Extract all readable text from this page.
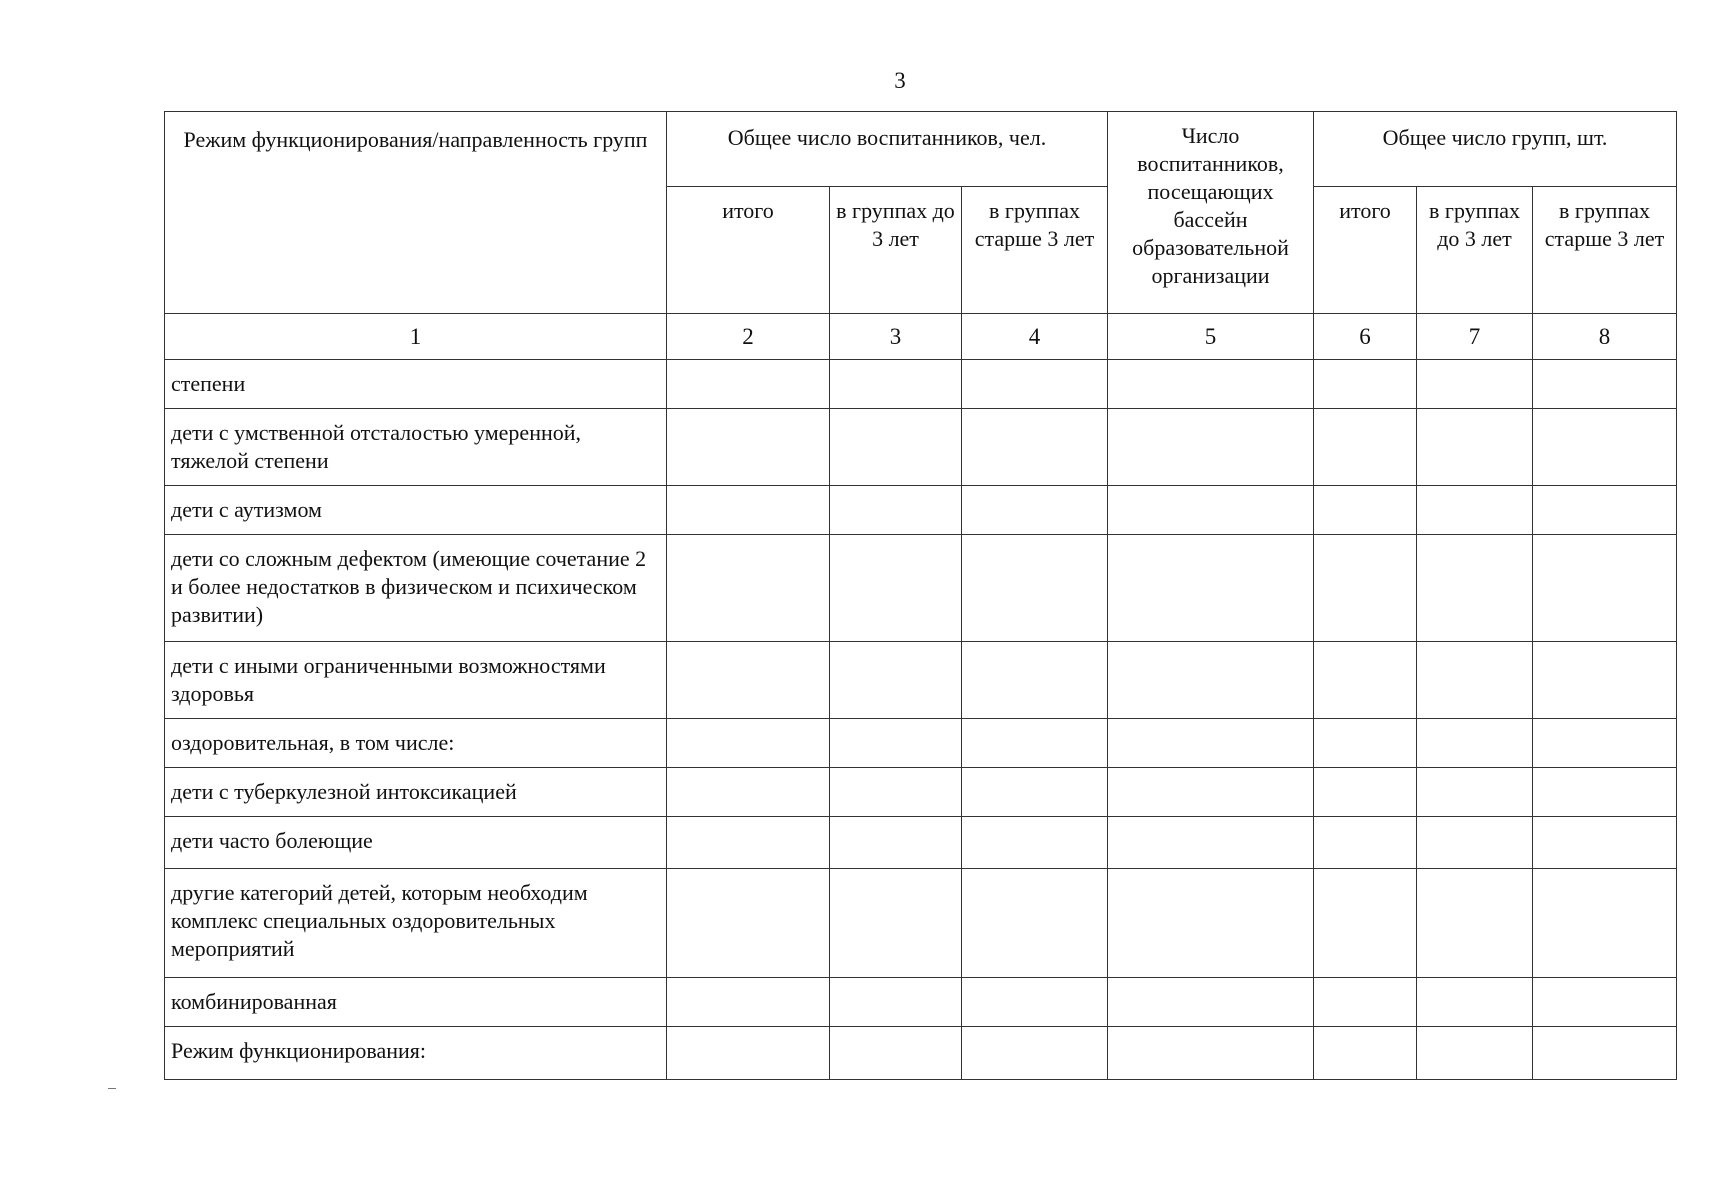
3
Режим функционирования/направленность групп	Общее число воспитанников, чел.			Число воспитанников, посещающих бассейн образовательной организации	Общее число групп, шт.		
	итого	в группах до 3 лет	в группах старше 3 лет		итого	в группах до 3 лет	в группах старше 3 лет
1	2	3	4	5	6	7	8
степени							
дети с умственной отсталостью умеренной, тяжелой степени							
дети с аутизмом							
дети со сложным дефектом (имеющие сочетание 2 и более недостатков в физическом и психическом развитии)							
дети с иными ограниченными возможностями здоровья							
оздоровительная, в том числе:							
дети с туберкулезной интоксикацией							
дети часто болеющие							
другие категорий детей, которым необходим комплекс специальных оздоровительных мероприятий							
комбинированная							
Режим функционирования:							
